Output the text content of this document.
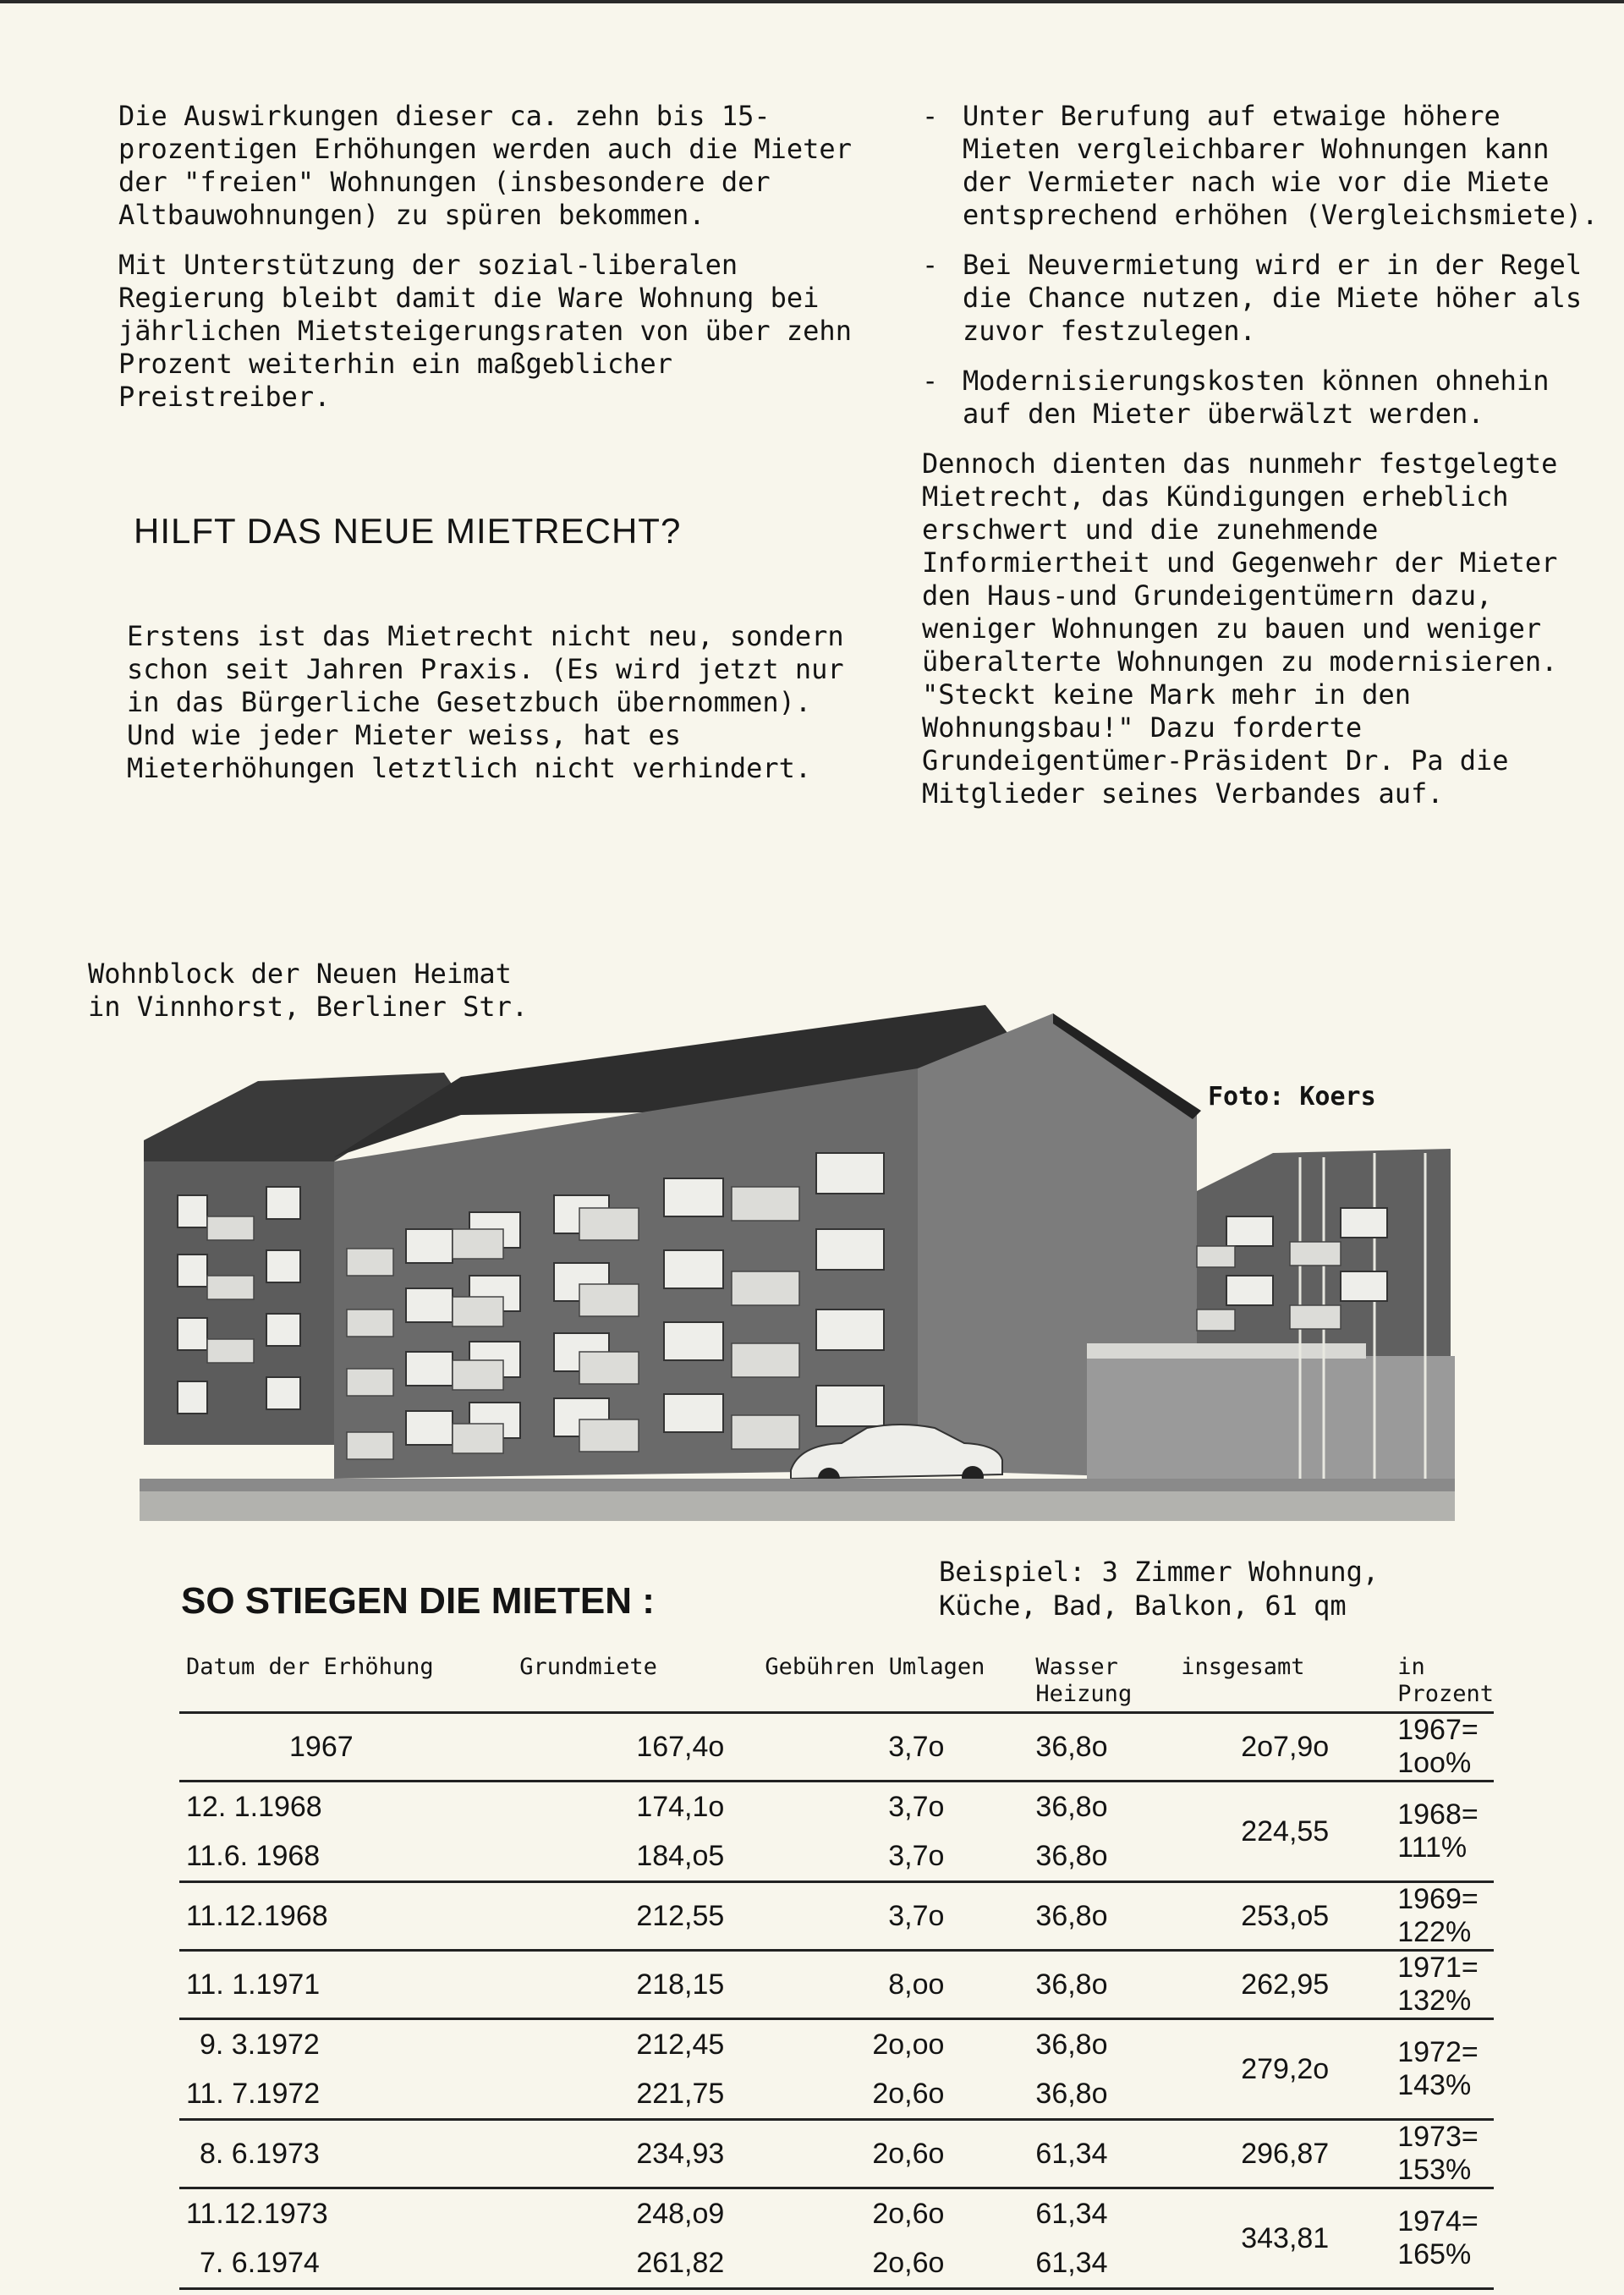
Die Auswirkungen dieser ca. zehn bis 15-prozentigen Erhöhungen werden auch die Mieter der "freien" Wohnungen (insbesondere der Altbauwohnungen) zu spüren bekommen.

Mit Unterstützung der sozial-liberalen Regierung bleibt damit die Ware Wohnung bei jährlichen Mietsteigerungsraten von über zehn Prozent weiterhin ein maßgeblicher Preistreiber.

HILFT DAS NEUE MIETRECHT?
Erstens ist das Mietrecht nicht neu, sondern schon seit Jahren Praxis. (Es wird jetzt nur in das Bürgerliche Gesetzbuch übernommen). Und wie jeder Mieter weiss, hat es Mieterhöhungen letztlich nicht verhindert.
- Unter Berufung auf etwaige höhere Mieten vergleichbarer Wohnungen kann der Vermieter nach wie vor die Miete entsprechend erhöhen (Vergleichsmiete).
- Bei Neuvermietung wird er in der Regel die Chance nutzen, die Miete höher als zuvor festzulegen.
- Modernisierungskosten können ohnehin auf den Mieter überwälzt werden.

Dennoch dienten das nunmehr festgelegte Mietrecht, das Kündigungen erheblich erschwert und die zunehmende Informiertheit und Gegenwehr der Mieter den Haus-und Grundeigentümern dazu, weniger Wohnungen zu bauen und weniger überalterte Wohnungen zu modernisieren. "Steckt keine Mark mehr in den Wohnungsbau!" Dazu forderte Grundeigentümer-Präsident Dr. Pa die Mitglieder seines Verbandes auf.

Wohnblock der Neuen Heimat
in Vinnhorst, Berliner Str.
Foto: Koers
SO STIEGEN DIE MIETEN :
Beispiel: 3 Zimmer Wohnung,
Küche, Bad, Balkon, 61 qm
Datum der Erhöhung	Grundmiete	Gebühren Umlagen	Wasser Heizung	insgesamt	in Prozent
1967	167,4o	3,7o	36,8o	2o7,9o	1967= 1oo%
12. 1.1968	174,1o	3,7o	36,8o	224,55	1968= 111%
11.6. 1968	184,o5	3,7o	36,8o		
11.12.1968	212,55	3,7o	36,8o	253,o5	1969= 122%
11. 1.1971	218,15	8,oo	36,8o	262,95	1971= 132%
9. 3.1972	212,45	2o,oo	36,8o	279,2o	1972= 143%
11. 7.1972	221,75	2o,6o	36,8o		
8. 6.1973	234,93	2o,6o	61,34	296,87	1973= 153%
11.12.1973	248,o9	2o,6o	61,34	343,81	1974= 165%
7. 6.1974	261,82	2o,6o	61,34		
